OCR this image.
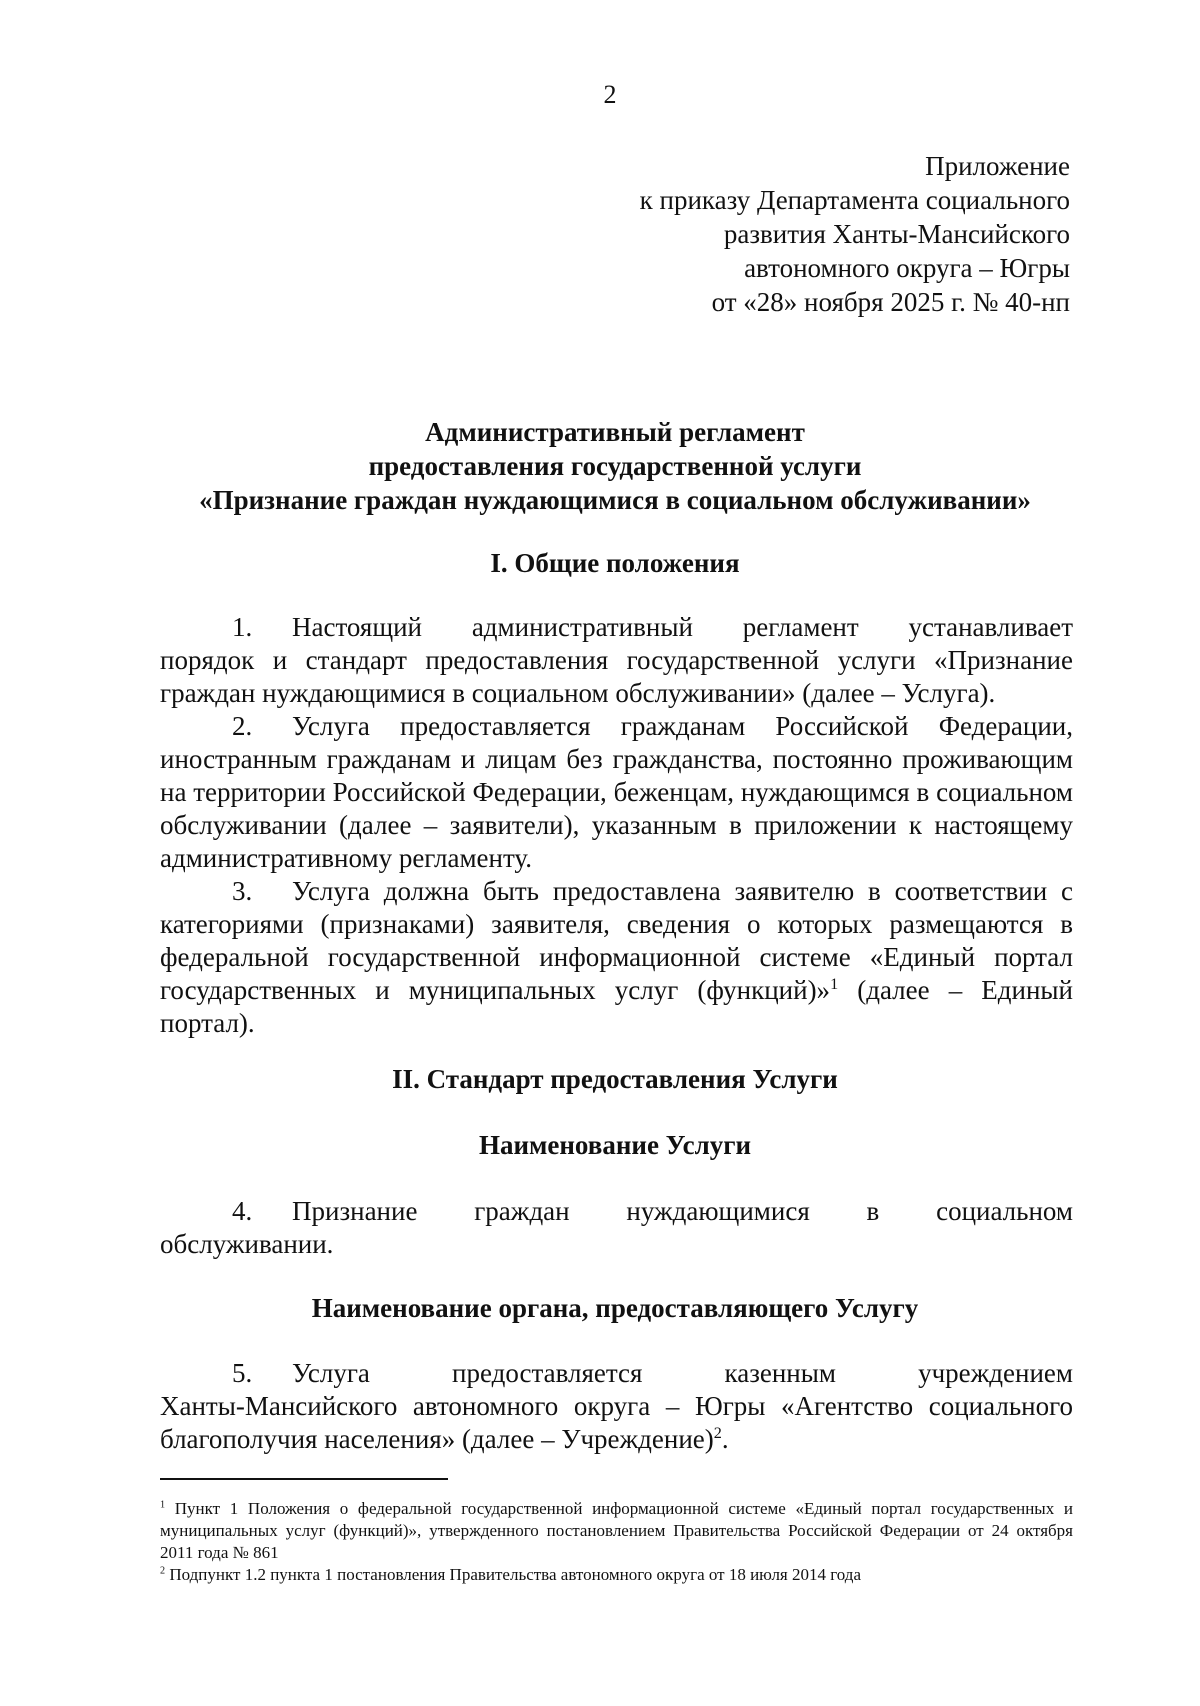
2
Приложение
к приказу Департамента социального
развития Ханты-Мансийского
автономного округа – Югры
от «28» ноября 2025 г. № 40-нп
Административный регламент
предоставления государственной услуги
«Признание граждан нуждающимися в социальном обслуживании»
I. Общие положения

1. Настоящий административный регламент устанавливает

порядок и стандарт предоставления государственной услуги «Признание граждан нуждающимися в социальном обслуживании» (далее – Услуга).

2. Услуга предоставляется гражданам Российской Федерации, иностранным гражданам и лицам без гражданства, постоянно проживающим на территории Российской Федерации, беженцам, нуждающимся в социальном обслуживании (далее – заявители), указанным в приложении к настоящему административному регламенту.

3. Услуга должна быть предоставлена заявителю в соответствии с категориями (признаками) заявителя, сведения о которых размещаются в федеральной государственной информационной системе «Единый портал государственных и муниципальных услуг (функций)»$^1$ (далее – Единый портал).

II. Стандарт предоставления Услуги
Наименование Услуги

4. Признание граждан нуждающимися в социальном

обслуживании.

Наименование органа, предоставляющего Услугу

5. Услуга предоставляется казенным учреждением

Ханты-Мансийского автономного округа – Югры «Агентство социального благополучия населения» (далее – Учреждение)$^2$.

$^1$ Пункт 1 Положения о федеральной государственной информационной системе «Единый портал государственных и муниципальных услуг (функций)», утвержденного постановлением Правительства Российской Федерации от 24 октября 2011 года № 861

$^2$ Подпункт 1.2 пункта 1 постановления Правительства автономного округа от 18 июля 2014 года
